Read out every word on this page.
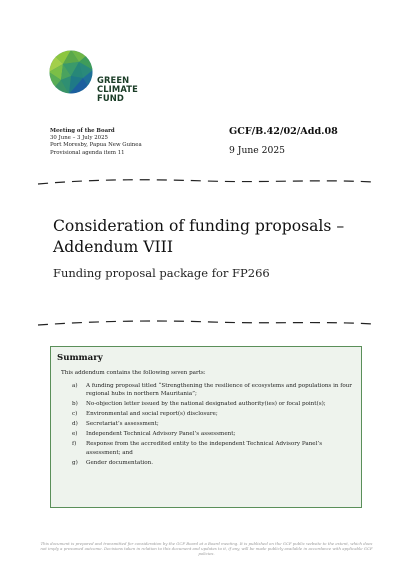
GREEN
CLIMATE
FUND
Meeting of the Board
30 June – 3 July 2025
Port Moresby, Papua New Guinea
Provisional agenda item 11
GCF/B.42/02/Add.08
9 June 2025
Consideration of funding proposals – Addendum VIII
Funding proposal package for FP266
Summary
This addendum contains the following seven parts:
a) A funding proposal titled “Strengthening the resilience of ecosystems and populations in four regional hubs in northern Mauritania”;
b) No-objection letter issued by the national designated authority(ies) or focal point(s);
c) Environmental and social report(s) disclosure;
d) Secretariat’s assessment;
e) Independent Technical Advisory Panel’s assessment;
f) Response from the accredited entity to the independent Technical Advisory Panel’s assessment; and
g) Gender documentation.
This document is prepared and transmitted for consideration by the GCF Board at a Board meeting. It is published on the GCF public website to the extent, which does not imply a presumed outcome. Decisions taken in relation to this document and updates to it, if any, will be made publicly available in accordance with applicable GCF policies.
